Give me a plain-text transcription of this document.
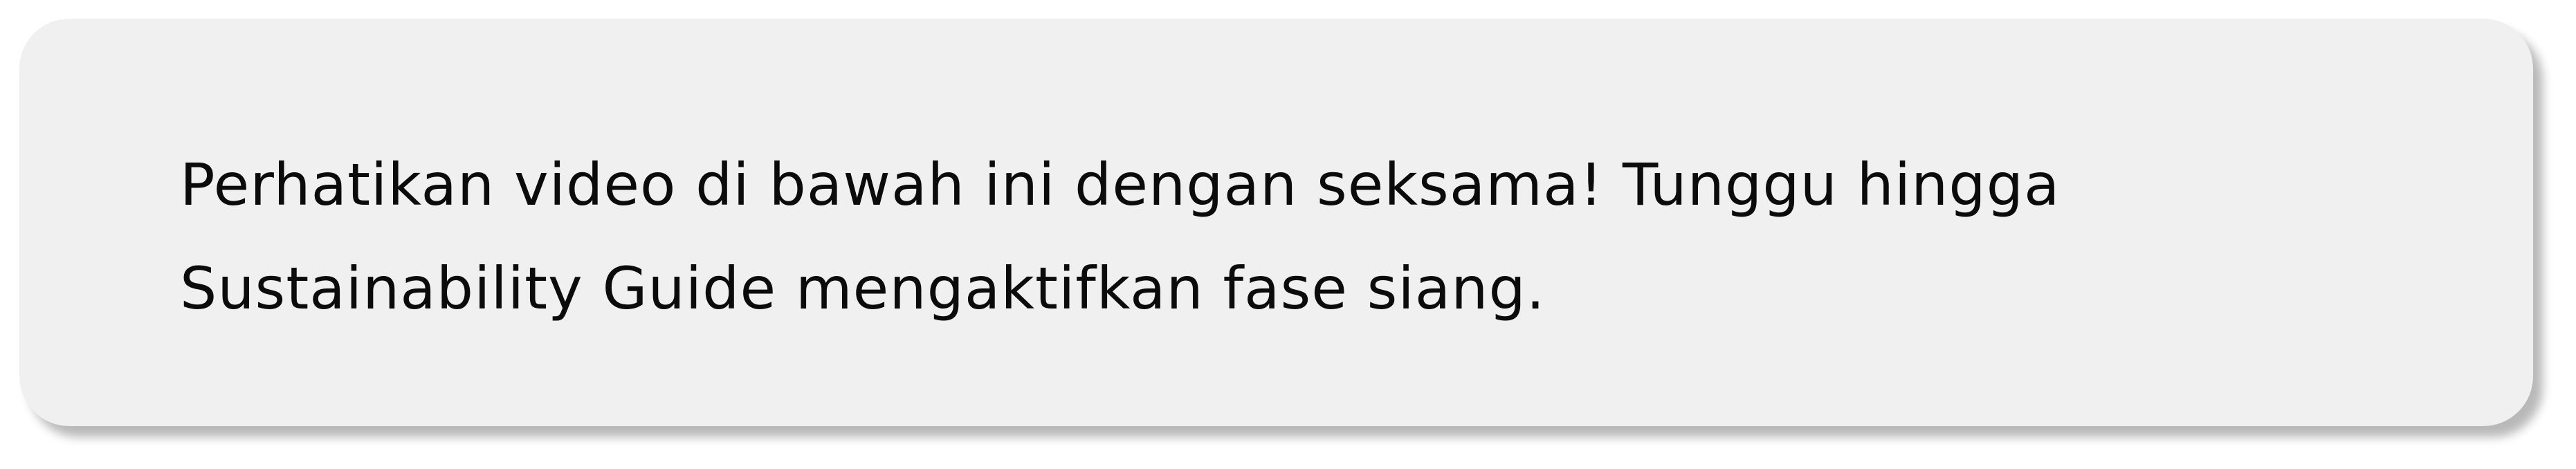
Perhatikan video di bawah ini dengan seksama! Tunggu hingga
Sustainability Guide mengaktifkan fase siang.
